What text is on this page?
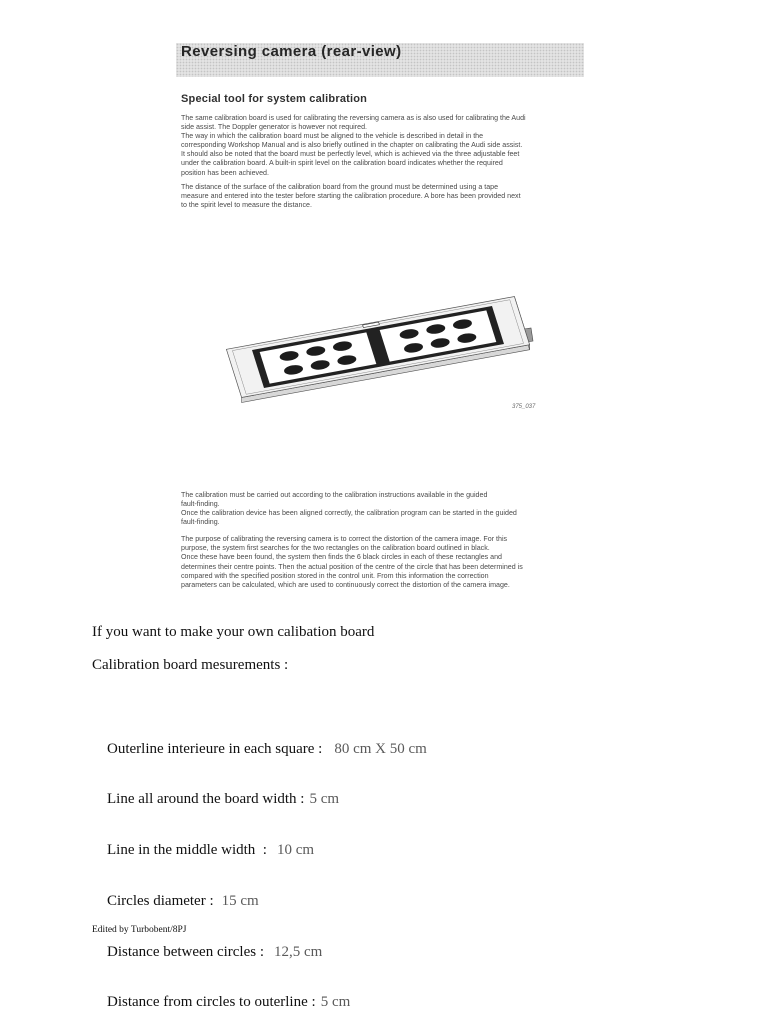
Reversing camera (rear-view)
Special tool for system calibration
The same calibration board is used for calibrating the reversing camera as is also used for calibrating the Audi
side assist. The Doppler generator is however not required.
The way in which the calibration board must be aligned to the vehicle is described in detail in the
corresponding Workshop Manual and is also briefly outlined in the chapter on calibrating the Audi side assist.
It should also be noted that the board must be perfectly level, which is achieved via the three adjustable feet
under the calibration board. A built-in spirit level on the calibration board indicates whether the required
position has been achieved.
The distance of the surface of the calibration board from the ground must be determined using a tape
measure and entered into the tester before starting the calibration procedure. A bore has been provided next
to the spirit level to measure the distance.
375_037
The calibration must be carried out according to the calibration instructions available in the guided
fault-finding.
Once the calibration device has been aligned correctly, the calibration program can be started in the guided
fault-finding.
The purpose of calibrating the reversing camera is to correct the distortion of the camera image. For this
purpose, the system first searches for the two rectangles on the calibration board outlined in black.
Once these have been found, the system then finds the 6 black circles in each of these rectangles and
determines their centre points. Then the actual position of the centre of the circle that has been determined is
compared with the specified position stored in the control unit. From this information the correction
parameters can be calculated, which are used to continuously correct the distortion of the camera image.
If you want to make your own calibation board
Calibration board mesurements :

Outerline interieure in each square : 80 cm X 50 cm

Line all around the board width : 5 cm

Line in the middle width  : 10 cm

Circles diameter : 15 cm

Distance between circles : 12,5 cm

Distance from circles to outerline : 5 cm

Edited by Turbobent/8PJ
